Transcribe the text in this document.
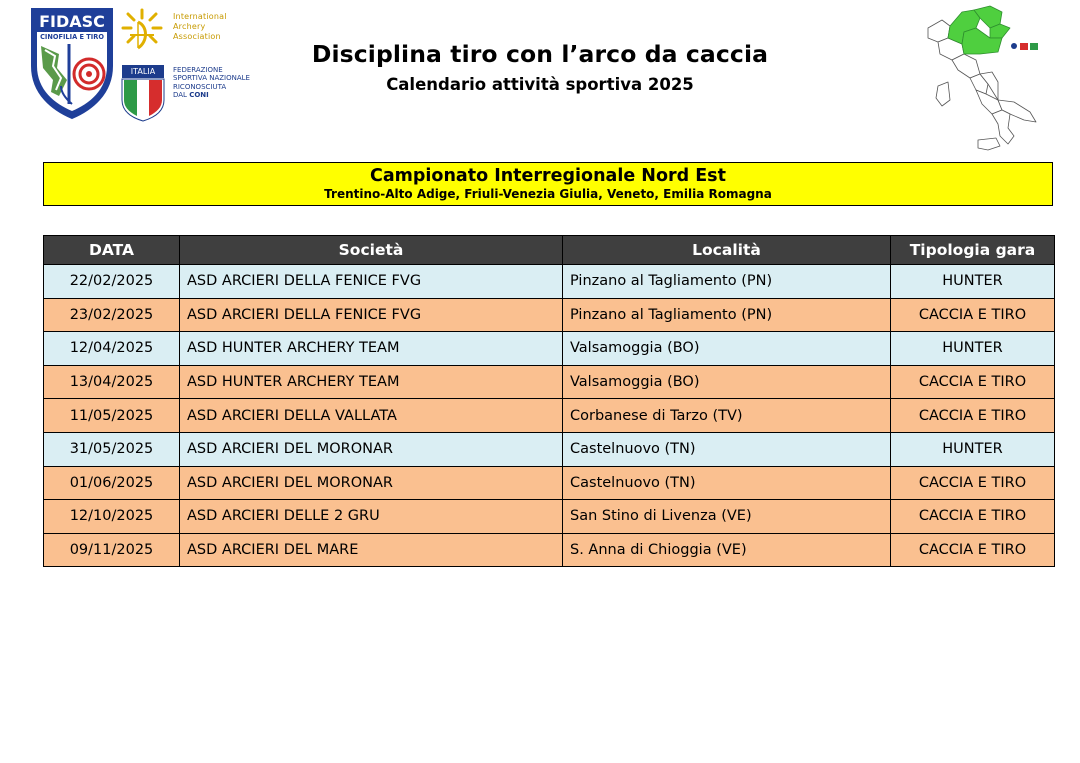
FIDASC
CINOFILIA E TIRO
International
Archery
Association
ITALIA	FEDERAZIONE
SPORTIVA NAZIONALE
RICONOSCIUTA
DAL CONI
Disciplina tiro con l’arco da caccia
Calendario attività sportiva 2025
Campionato Interregionale Nord Est
Trentino-Alto Adige, Friuli-Venezia Giulia, Veneto, Emilia Romagna
DATA	Società	Località	Tipologia gara
22/02/2025	ASD ARCIERI DELLA FENICE FVG	Pinzano al Tagliamento (PN)	HUNTER
23/02/2025	ASD ARCIERI DELLA FENICE FVG	Pinzano al Tagliamento (PN)	CACCIA E TIRO
12/04/2025	ASD HUNTER ARCHERY TEAM	Valsamoggia (BO)	HUNTER
13/04/2025	ASD HUNTER ARCHERY TEAM	Valsamoggia (BO)	CACCIA E TIRO
11/05/2025	ASD ARCIERI DELLA VALLATA	Corbanese di Tarzo (TV)	CACCIA E TIRO
31/05/2025	ASD ARCIERI DEL MORONAR	Castelnuovo (TN)	HUNTER
01/06/2025	ASD ARCIERI DEL MORONAR	Castelnuovo (TN)	CACCIA E TIRO
12/10/2025	ASD ARCIERI DELLE 2 GRU	San Stino di Livenza (VE)	CACCIA E TIRO
09/11/2025	ASD ARCIERI DEL MARE	S. Anna di Chioggia (VE)	CACCIA E TIRO
